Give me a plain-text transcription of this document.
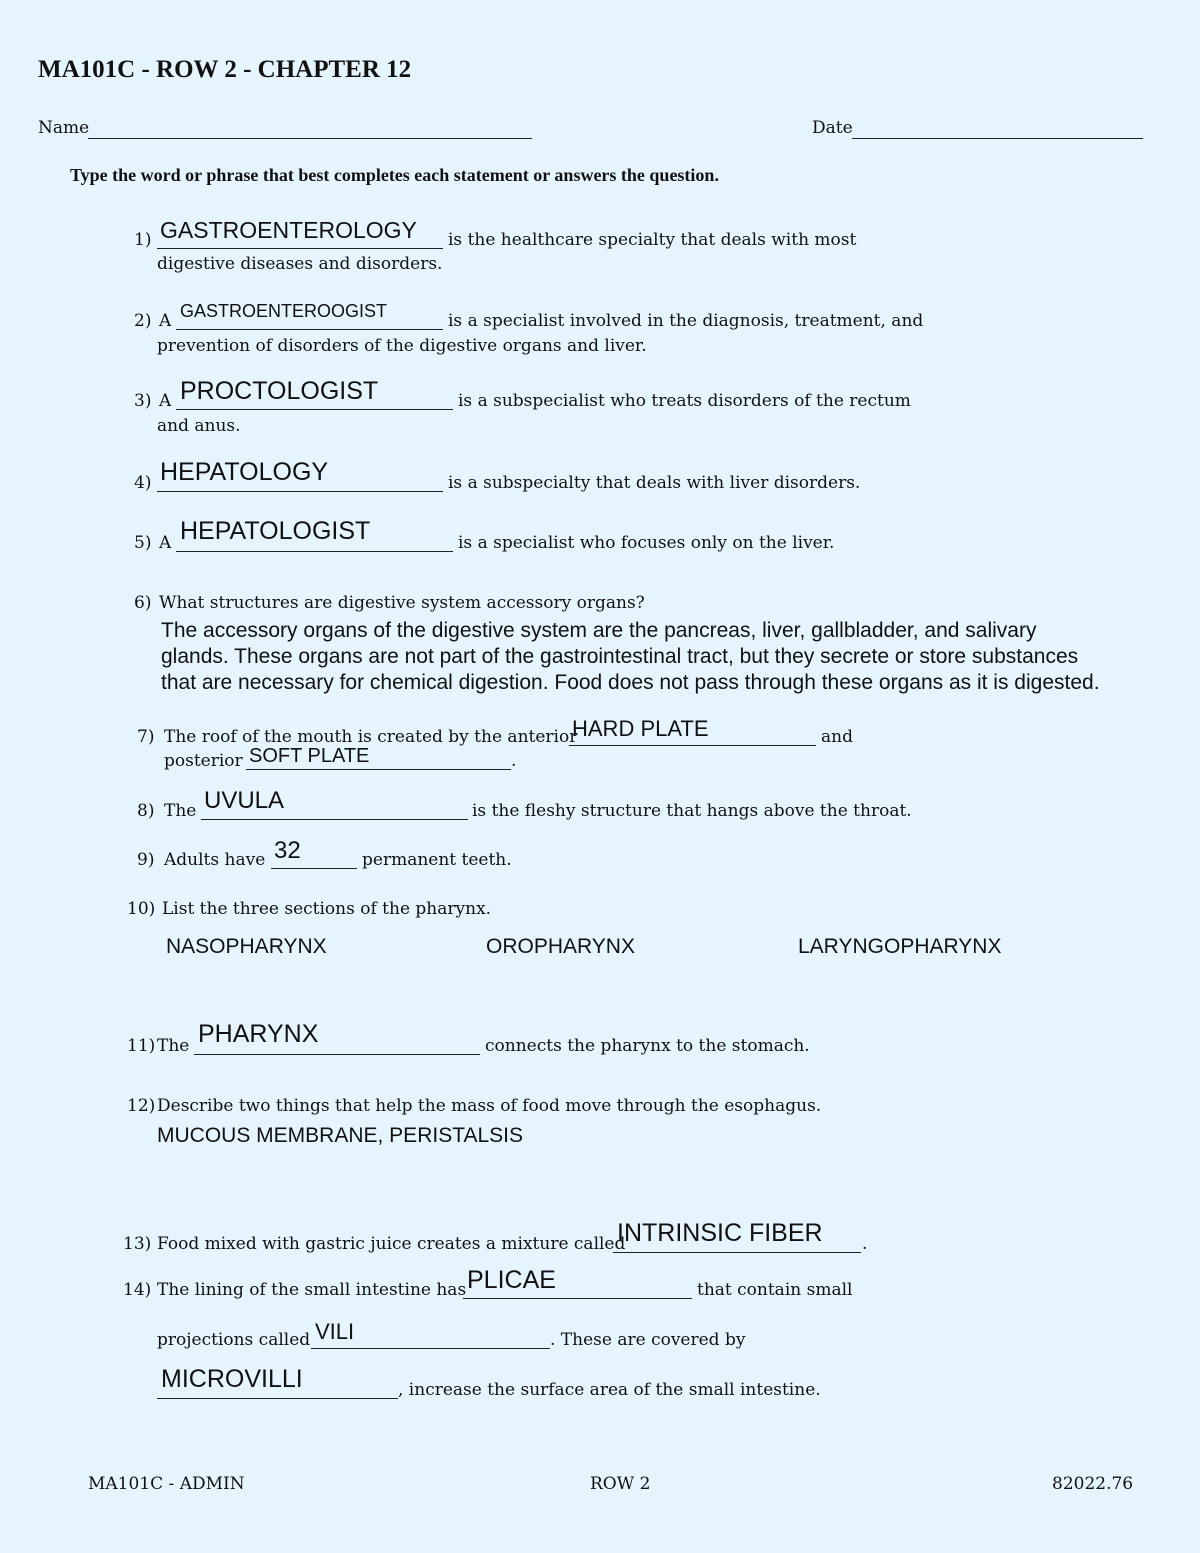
MA101C - ROW 2 - CHAPTER 12
Name	Date
Type the word or phrase that best completes each statement or answers the question.
1) GASTROENTEROLOGY is the healthcare specialty that deals with most
digestive diseases and disorders.
2) A GASTROENTEROOGIST	is a specialist involved in the diagnosis, treatment, and
prevention of disorders of the digestive organs and liver.
3) A PROCTOLOGIST	is a subspecialist who treats disorders of the rectum
and anus.
4) HEPATOLOGY	is a subspecialty that deals with liver disorders.
5) A HEPATOLOGIST	is a specialist who focuses only on the liver.
6) What structures are digestive system accessory organs?
The accessory organs of the digestive system are the pancreas, liver, gallbladder, and salivary glands. These organs are not part of the gastrointestinal tract, but they secrete or store substances that are necessary for chemical digestion. Food does not pass through these organs as it is digested.
7) The roof of the mouth is created by the anterior
HARD PLATE	and
posterior SOFT PLATE	.
8) The UVULA	is the fleshy structure that hangs above the throat.
9) Adults have 32	permanent teeth.
10) List the three sections of the pharynx.
NASOPHARYNX	OROPHARYNX	LARYNGOPHARYNX
11) The PHARYNX	connects the pharynx to the stomach.
12) Describe two things that help the mass of food move through the esophagus.
MUCOUS MEMBRANE, PERISTALSIS
13) Food mixed with gastric juice creates a mixture called
INTRINSIC FIBER .
14) The lining of the small intestine has PLICAE	that contain small
projections called VILI	. These are covered by
MICROVILLI	, increase the surface area of the small intestine.
MA101C - ADMIN	ROW 2	82022.76
